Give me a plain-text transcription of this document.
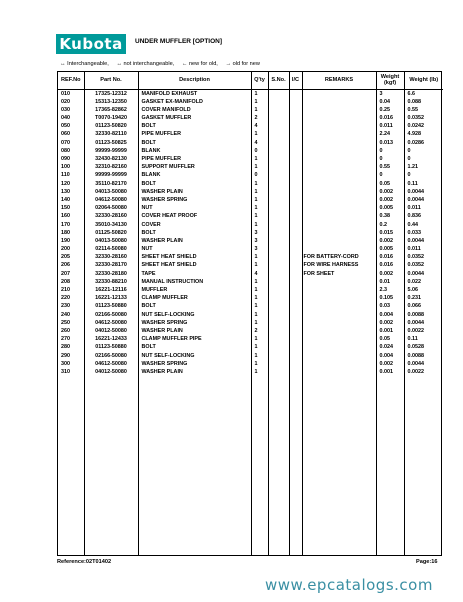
Kubota	UNDER MUFFLER [OPTION]
↔ Interchangeable, ↔ not interchangeable, ← new for old, → old for new
REF.No	Part No.	Description	Q'ty	S.No.	I/C	REMARKS	Weight (kgf)	Weight (lb)
010	17325-12312	MANIFOLD EXHAUST	1				3	6.6
020	15313-12350	GASKET EX-MANIFOLD	1				0.04	0.088
030	17365-82862	COVER MANIFOLD	1				0.25	0.55
040	T0070-19420	GASKET MUFFLER	2				0.016	0.0352
050	01123-50820	BOLT	4				0.011	0.0242
060	32330-82110	PIPE MUFFLER	1				2.24	4.928
070	01123-50825	BOLT	4				0.013	0.0286
080	99999-99999	BLANK	0				0	0
090	32430-82130	PIPE MUFFLER	1				0	0
100	32310-82160	SUPPORT MUFFLER	1				0.55	1.21
110	99999-99999	BLANK	0				0	0
120	35110-82170	BOLT	1				0.05	0.11
130	04013-50080	WASHER PLAIN	1				0.002	0.0044
140	04612-50080	WASHER SPRING	1				0.002	0.0044
150	02064-50080	NUT	1				0.005	0.011
160	32330-28160	COVER HEAT PROOF	1				0.38	0.836
170	35010-34130	COVER	1				0.2	0.44
180	01125-50820	BOLT	3				0.015	0.033
190	04013-50080	WASHER PLAIN	3				0.002	0.0044
200	02114-50080	NUT	3				0.005	0.011
205	32330-28160	SHEET HEAT SHIELD	1			FOR BATTERY-CORD	0.016	0.0352
206	32330-28170	SHEET HEAT SHIELD	1			FOR WIRE HARNESS	0.016	0.0352
207	32330-28180	TAPE	4			FOR SHEET	0.002	0.0044
208	32330-88210	MANUAL INSTRUCTION	1				0.01	0.022
210	16221-12116	MUFFLER	1				2.3	5.06
220	16221-12133	CLAMP MUFFLER	1				0.105	0.231
230	01123-50880	BOLT	1				0.03	0.066
240	02166-50080	NUT SELF-LOCKING	1				0.004	0.0088
250	04612-50080	WASHER SPRING	1				0.002	0.0044
260	04012-50080	WASHER PLAIN	2				0.001	0.0022
270	16221-12433	CLAMP MUFFLER PIPE	1				0.05	0.11
280	01123-50880	BOLT	1				0.024	0.0528
290	02166-50080	NUT SELF-LOCKING	1				0.004	0.0088
300	04612-50080	WASHER SPRING	1				0.002	0.0044
310	04012-50080	WASHER PLAIN	1				0.001	0.0022

Reference:02T01402	Page:16
www.epcatalogs.com
